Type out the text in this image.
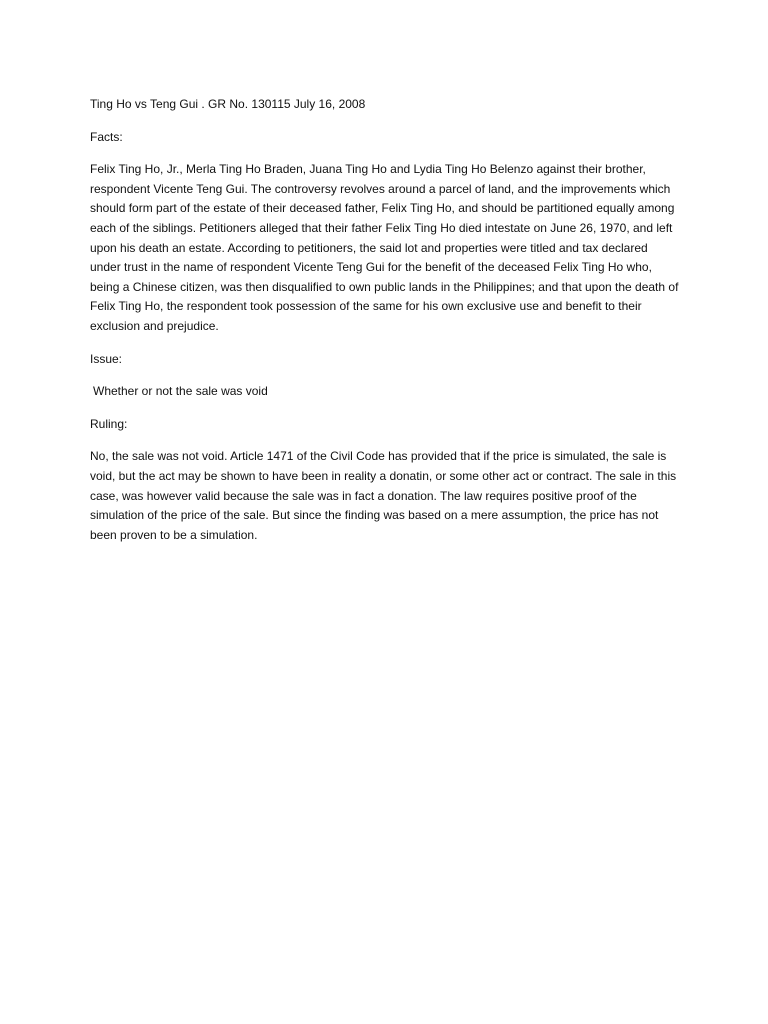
Ting Ho vs Teng Gui . GR No. 130115 July 16, 2008

Facts:

Felix Ting Ho, Jr., Merla Ting Ho Braden, Juana Ting Ho and Lydia Ting Ho Belenzo against their brother, respondent Vicente Teng Gui. The controversy revolves around a parcel of land, and the improvements which should form part of the estate of their deceased father, Felix Ting Ho, and should be partitioned equally among each of the siblings. Petitioners alleged that their father Felix Ting Ho died intestate on June 26, 1970, and left upon his death an estate. According to petitioners, the said lot and properties were titled and tax declared under trust in the name of respondent Vicente Teng Gui for the benefit of the deceased Felix Ting Ho who, being a Chinese citizen, was then disqualified to own public lands in the Philippines; and that upon the death of Felix Ting Ho, the respondent took possession of the same for his own exclusive use and benefit to their exclusion and prejudice.

Issue:

Whether or not the sale was void

Ruling:

No, the sale was not void. Article 1471 of the Civil Code has provided that if the price is simulated, the sale is void, but the act may be shown to have been in reality a donatin, or some other act or contract. The sale in this case, was however valid because the sale was in fact a donation. The law requires positive proof of the simulation of the price of the sale. But since the finding was based on a mere assumption, the price has not been proven to be a simulation.
